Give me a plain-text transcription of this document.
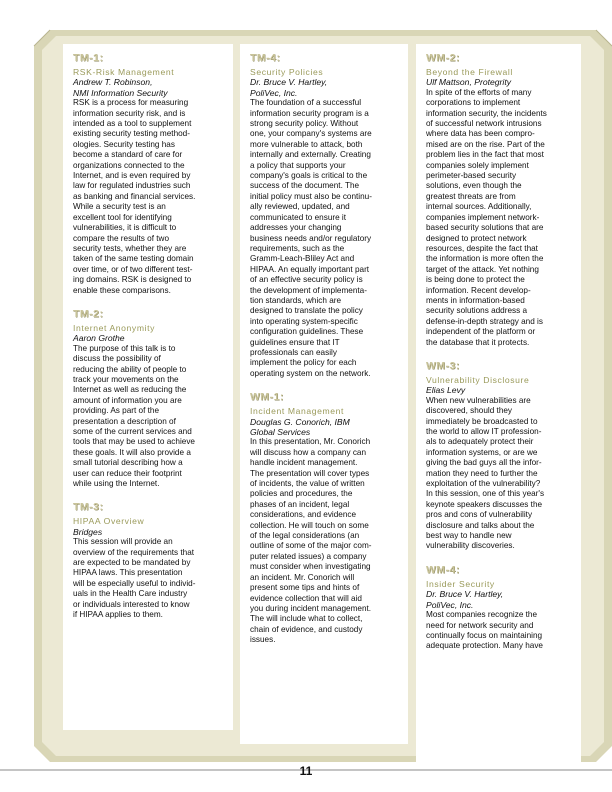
TM-1:
RSK-Risk Management
Andrew T. Robinson,
NMI Information Security
RSK is a process for measuring
information security risk, and is
intended as a tool to supplement
existing security testing method-
ologies. Security testing has
become a standard of care for
organizations connected to the
Internet, and is even required by
law for regulated industries such
as banking and financial services.
While a security test is an
excellent tool for identifying
vulnerabilities, it is difficult to
compare the results of two
security tests, whether they are
taken of the same testing domain
over time, or of two different test-
ing domains. RSK is designed to
enable these comparisons.
TM-2:
Internet Anonymity
Aaron Grothe
The purpose of this talk is to
discuss the possibility of
reducing the ability of people to
track your movements on the
Internet as well as reducing the
amount of information you are
providing. As part of the
presentation a description of
some of the current services and
tools that may be used to achieve
these goals. It will also provide a
small tutorial describing how a
user can reduce their footprint
while using the Internet.
TM-3:
HIPAA Overview
Bridges
This session will provide an
overview of the requirements that
are expected to be mandated by
HIPAA laws. This presentation
will be especially useful to individ-
uals in the Health Care industry
or individuals interested to know
if HIPAA applies to them.
TM-4:
Security Policies
Dr. Bruce V. Hartley,
PoliVec, Inc.
The foundation of a successful
information security program is a
strong security policy. Without
one, your company's systems are
more vulnerable to attack, both
internally and externally. Creating
a policy that supports your
company's goals is critical to the
success of the document. The
initial policy must also be continu-
ally reviewed, updated, and
communicated to ensure it
addresses your changing
business needs and/or regulatory
requirements, such as the
Gramm-Leach-Bliley Act and
HIPAA. An equally important part
of an effective security policy is
the development of implementa-
tion standards, which are
designed to translate the policy
into operating system-specific
configuration guidelines. These
guidelines ensure that IT
professionals can easily
implement the policy for each
operating system on the network.
WM-1:
Incident Management
Douglas G. Conorich, IBM
Global Services
In this presentation, Mr. Conorich
will discuss how a company can
handle incident management.
The presentation will cover types
of incidents, the value of written
policies and procedures, the
phases of an incident, legal
considerations, and evidence
collection. He will touch on some
of the legal considerations (an
outline of some of the major com-
puter related issues) a company
must consider when investigating
an incident. Mr. Conorich will
present some tips and hints of
evidence collection that will aid
you during incident management.
The will include what to collect,
chain of evidence, and custody
issues.
WM-2:
Beyond the Firewall
Ulf Mattson, Protegrity
In spite of the efforts of many
corporations to implement
information security, the incidents
of successful network intrusions
where data has been compro-
mised are on the rise. Part of the
problem lies in the fact that most
companies solely implement
perimeter-based security
solutions, even though the
greatest threats are from
internal sources. Additionally,
companies implement network-
based security solutions that are
designed to protect network
resources, despite the fact that
the information is more often the
target of the attack. Yet nothing
is being done to protect the
information. Recent develop-
ments in information-based
security solutions address a
defense-in-depth strategy and is
independent of the platform or
the database that it protects.
WM-3:
Vulnerability Disclosure
Elias Levy
When new vulnerabilities are
discovered, should they
immediately be broadcasted to
the world to allow IT profession-
als to adequately protect their
information systems, or are we
giving the bad guys all the infor-
mation they need to further the
exploitation of the vulnerability?
In this session, one of this year's
keynote speakers discusses the
pros and cons of vulnerability
disclosure and talks about the
best way to handle new
vulnerability discoveries.
WM-4:
Insider Security
Dr. Bruce V. Hartley,
PoliVec, Inc.
Most companies recognize the
need for network security and
continually focus on maintaining
adequate protection. Many have
11
